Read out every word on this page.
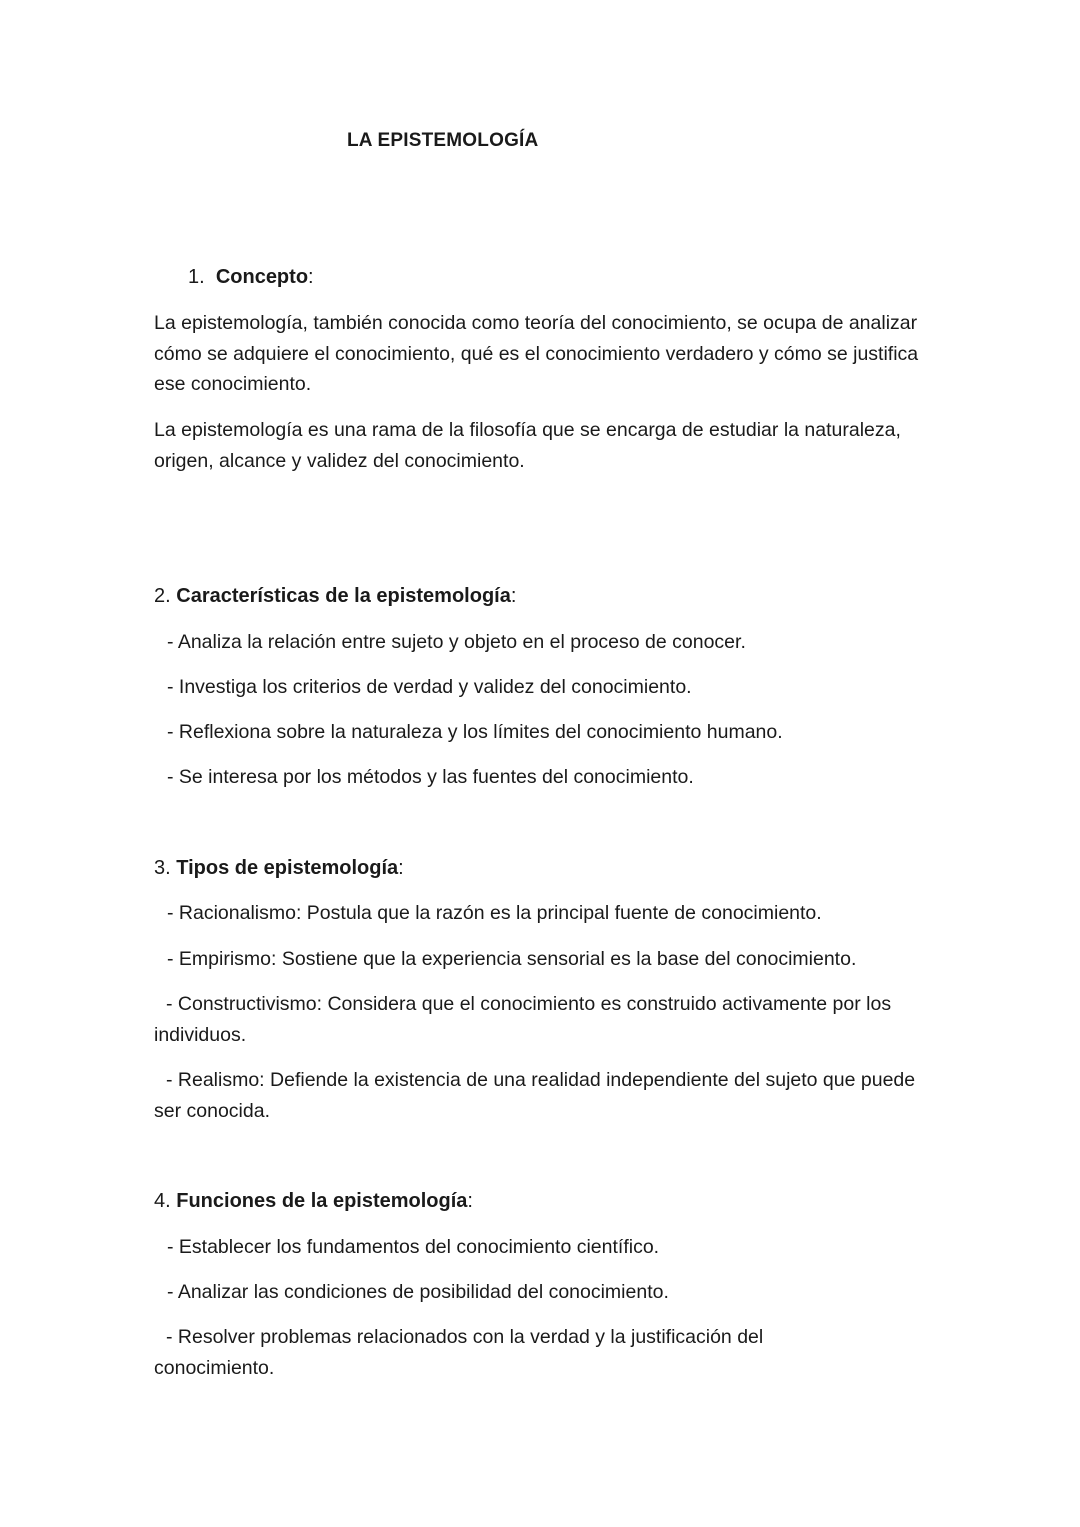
LA EPISTEMOLOGÍA
1. Concepto:

La epistemología, también conocida como teoría del conocimiento, se ocupa de analizar cómo se adquiere el conocimiento, qué es el conocimiento verdadero y cómo se justifica ese conocimiento.

La epistemología es una rama de la filosofía que se encarga de estudiar la naturaleza, origen, alcance y validez del conocimiento.

2. Características de la epistemología:

- Analiza la relación entre sujeto y objeto en el proceso de conocer.

- Investiga los criterios de verdad y validez del conocimiento.

- Reflexiona sobre la naturaleza y los límites del conocimiento humano.

- Se interesa por los métodos y las fuentes del conocimiento.

3. Tipos de epistemología:

- Racionalismo: Postula que la razón es la principal fuente de conocimiento.

- Empirismo: Sostiene que la experiencia sensorial es la base del conocimiento.

- Constructivismo: Considera que el conocimiento es construido activamente por los individuos.

- Realismo: Defiende la existencia de una realidad independiente del sujeto que puede ser conocida.

4. Funciones de la epistemología:

- Establecer los fundamentos del conocimiento científico.

- Analizar las condiciones de posibilidad del conocimiento.

- Resolver problemas relacionados con la verdad y la justificación del conocimiento.
